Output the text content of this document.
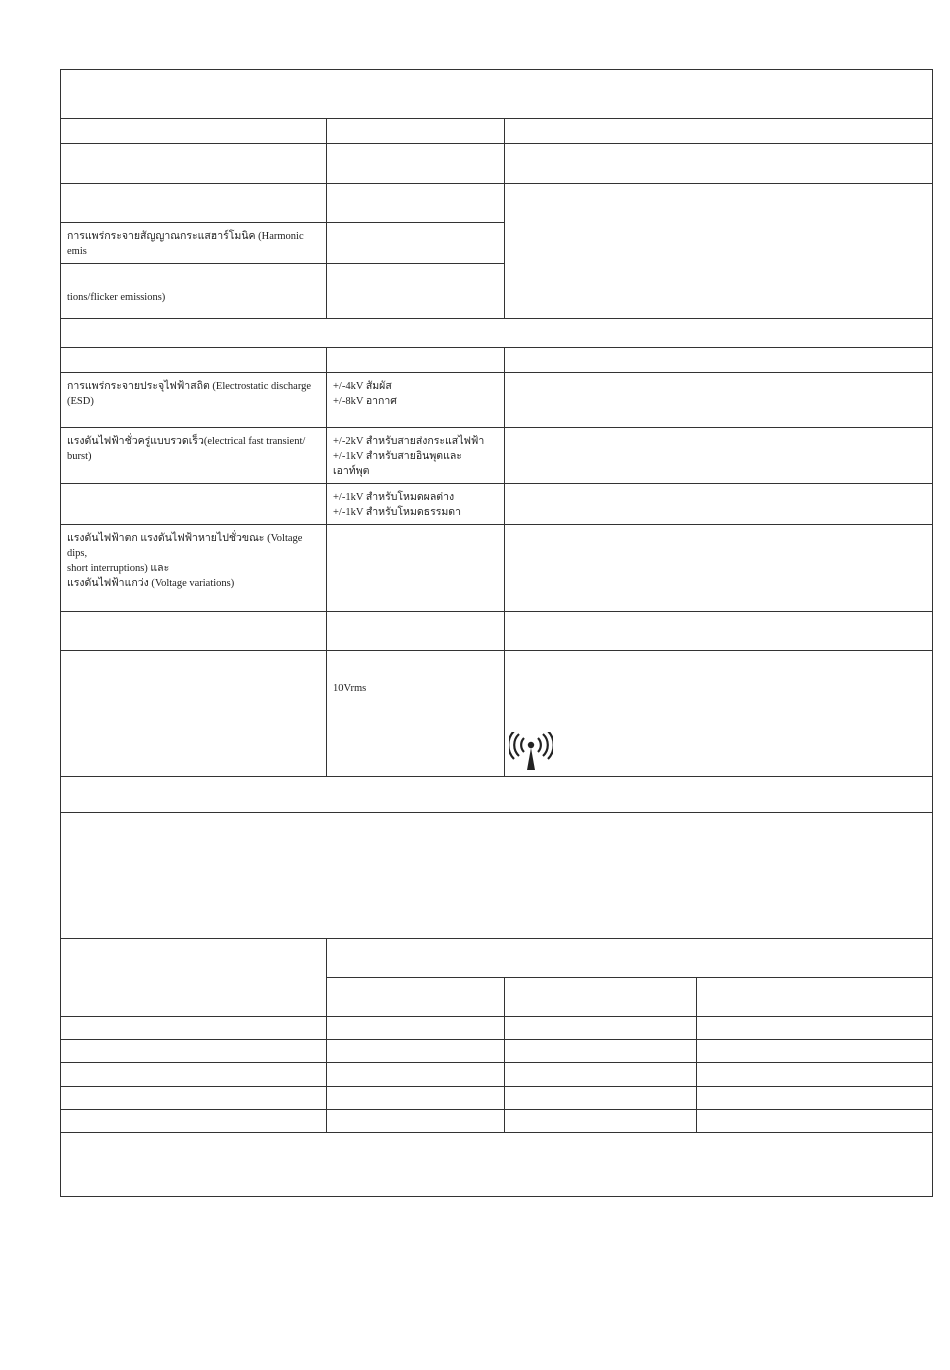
การแพร่กระจายสัญญาณกระแสฮาร์โมนิค (Harmonic emis			
tions/flicker emissions)			

การแพร่กระจายประจุไฟฟ้าสถิต (Electrostatic discharge (ESD)	+/-4kV สัมผัส
+/-8kV อากาศ		

แรงดันไฟฟ้าชั่วครู่แบบรวดเร็ว(electrical fast transient/ burst)	+/-2kV สำหรับสายส่งกระแสไฟฟ้า
+/-1kV สำหรับสายอินพุตและเอาท์พุต		

	+/-1kV สำหรับโหมดผลต่าง
+/-1kV สำหรับโหมดธรรมดา		

แรงดันไฟฟ้าตก แรงดันไฟฟ้าหายไปชั่วขณะ (Voltage dips,
short interruptions) และ
แรงดันไฟฟ้าแกว่ง (Voltage variations)			

	10Vrms	
